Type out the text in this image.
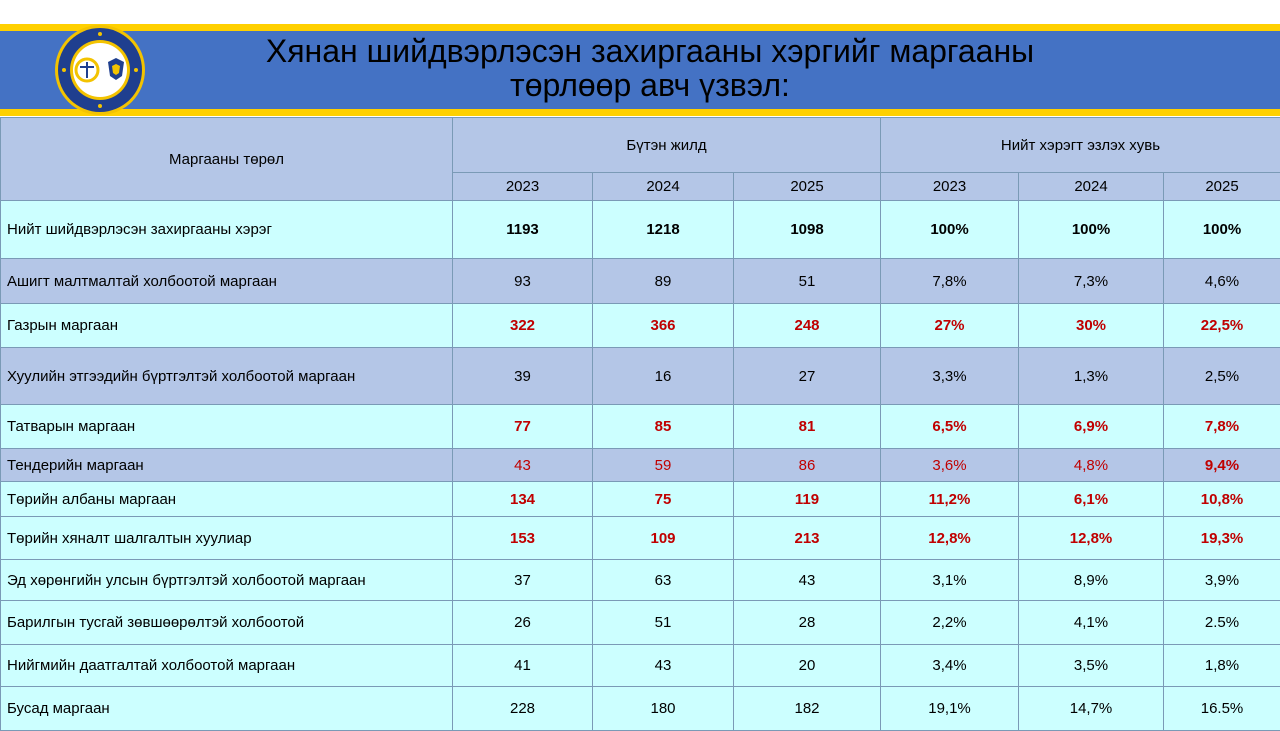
Хянан шийдвэрлэсэн захиргааны хэргийг маргааны
төрлөөр авч үзвэл:
Маргааны төрөл	Бүтэн жилд			Нийт хэрэгт эзлэх хувь		
	2023	2024	2025	2023	2024	2025
Нийт шийдвэрлэсэн захиргааны хэрэг	1193	1218	1098	100%	100%	100%
Ашигт малтмалтай холбоотой маргаан	93	89	51	7,8%	7,3%	4,6%
Газрын маргаан	322	366	248	27%	30%	22,5%
Хуулийн этгээдийн бүртгэлтэй холбоотой маргаан	39	16	27	3,3%	1,3%	2,5%
Татварын маргаан	77	85	81	6,5%	6,9%	7,8%
Тендерийн маргаан	43	59	86	3,6%	4,8%	9,4%
Төрийн албаны маргаан	134	75	119	11,2%	6,1%	10,8%
Төрийн хяналт шалгалтын хуулиар	153	109	213	12,8%	12,8%	19,3%
Эд хөрөнгийн улсын бүртгэлтэй холбоотой маргаан	37	63	43	3,1%	8,9%	3,9%
Барилгын тусгай зөвшөөрөлтэй холбоотой	26	51	28	2,2%	4,1%	2.5%
Нийгмийн даатгалтай холбоотой маргаан	41	43	20	3,4%	3,5%	1,8%
Бусад маргаан	228	180	182	19,1%	14,7%	16.5%
